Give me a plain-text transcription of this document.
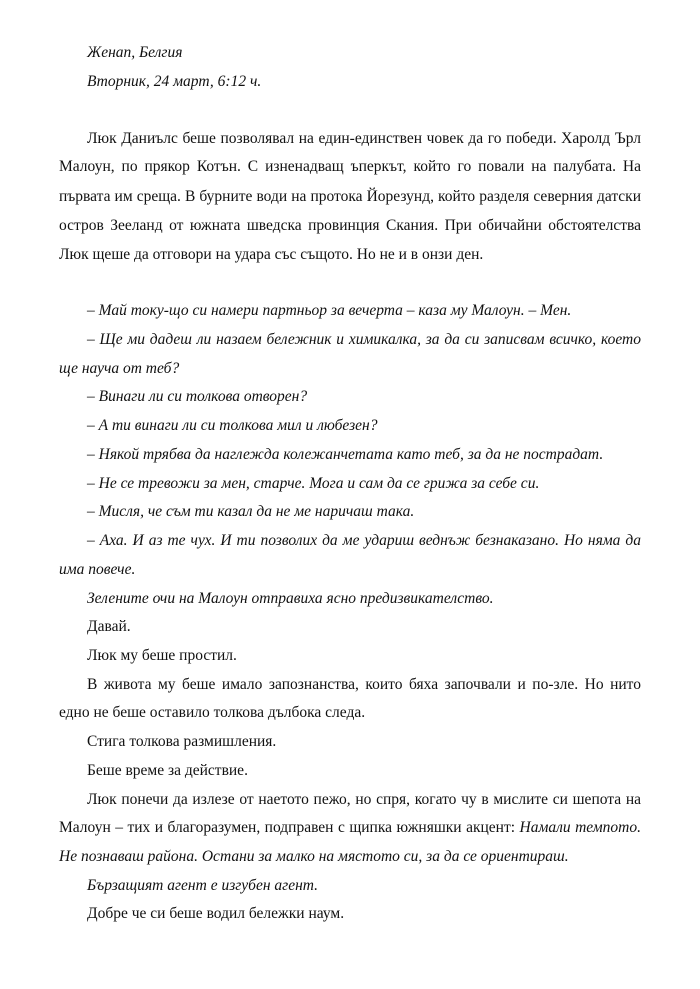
Женап, Белгия
Вторник, 24 март, 6:12 ч.
Люк Даниълс беше позволявал на един-единствен човек да го победи. Харолд Ърл
Малоун, по прякор Котън. С изненадващ ъперкът, който го повали на палубата. На
първата им среща. В бурните води на протока Йорезунд, който разделя северния датски
остров Зееланд от южната шведска провинция Скания. При обичайни обстоятелства
Люк щеше да отговори на удара със същото. Но не и в онзи ден.
– Май току-що си намери партньор за вечерта – каза му Малоун. – Мен.
– Ще ми дадеш ли назаем бележник и химикалка, за да си записвам всичко, което
ще науча от теб?
– Винаги ли си толкова отворен?
– А ти винаги ли си толкова мил и любезен?
– Някой трябва да наглежда колежанчетата като теб, за да не пострадат.
– Не се тревожи за мен, старче. Мога и сам да се грижа за себе си.
– Мисля, че съм ти казал да не ме наричаш така.
– Аха. И аз те чух. И ти позволих да ме удариш веднъж безнаказано. Но няма да
има повече.
Зелените очи на Малоун отправиха ясно предизвикателство.
Давай.
Люк му беше простил.
В живота му беше имало запознанства, които бяха започвали и по-зле. Но нито
едно не беше оставило толкова дълбока следа.
Стига толкова размишления.
Беше време за действие.
Люк понечи да излезе от наетото пежо, но спря, когато чу в мислите си шепота на
Малоун – тих и благоразумен, подправен с щипка южняшки акцент: Намали темпото.
Не познаваш района. Остани за малко на мястото си, за да се ориентираш.
Бързащият агент е изгубен агент.
Добре че си беше водил бележки наум.
